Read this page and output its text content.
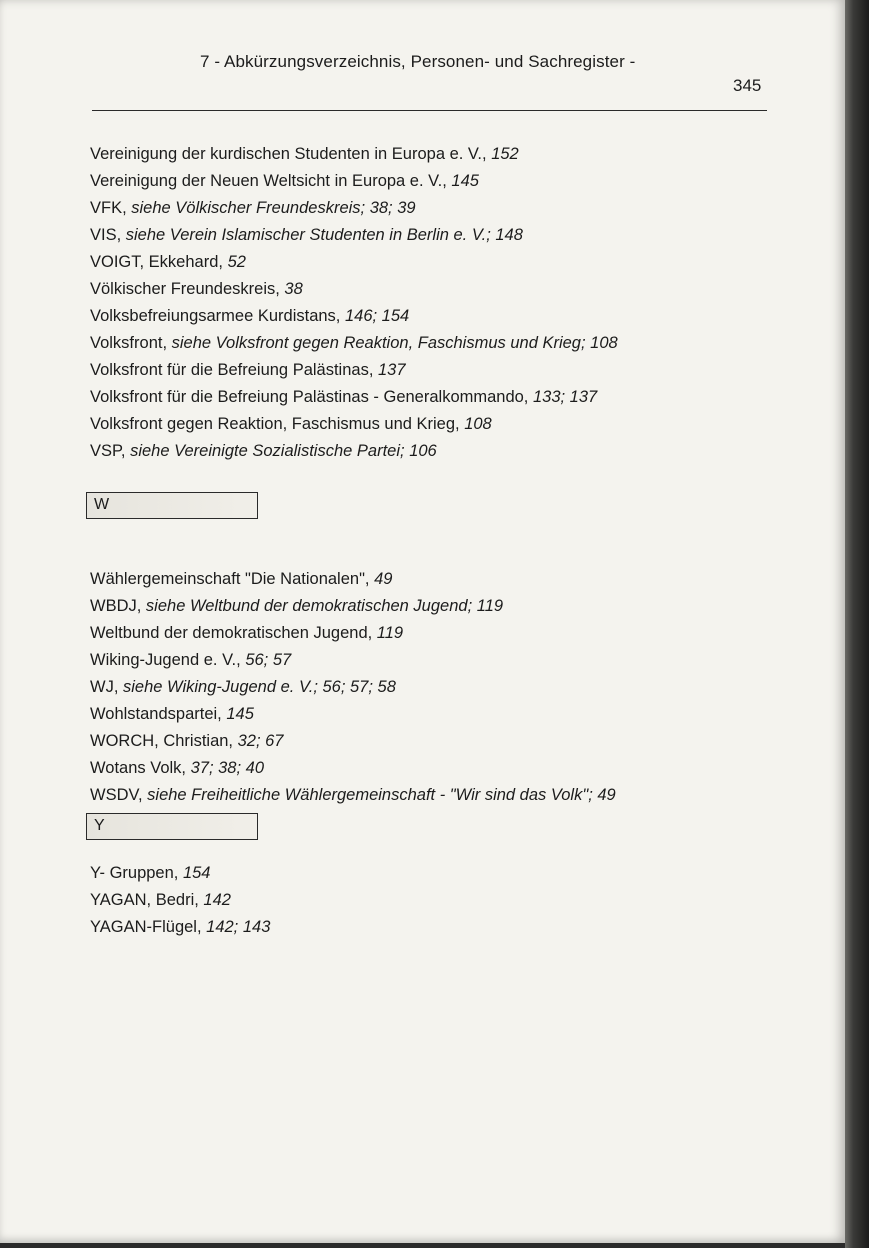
7 - Abkürzungsverzeichnis, Personen- und Sachregister -
345
Vereinigung der kurdischen Studenten in Europa e. V., 152
Vereinigung der Neuen Weltsicht in Europa e. V., 145
VFK, siehe Völkischer Freundeskreis; 38; 39
VIS, siehe Verein Islamischer Studenten in Berlin e. V.; 148
VOIGT, Ekkehard, 52
Völkischer Freundeskreis, 38
Volksbefreiungsarmee Kurdistans, 146; 154
Volksfront, siehe Volksfront gegen Reaktion, Faschismus und Krieg; 108
Volksfront für die Befreiung Palästinas, 137
Volksfront für die Befreiung Palästinas - Generalkommando, 133; 137
Volksfront gegen Reaktion, Faschismus und Krieg, 108
VSP, siehe Vereinigte Sozialistische Partei; 106
W
Wählergemeinschaft "Die Nationalen", 49
WBDJ, siehe Weltbund der demokratischen Jugend; 119
Weltbund der demokratischen Jugend, 119
Wiking-Jugend e. V., 56; 57
WJ, siehe Wiking-Jugend e. V.; 56; 57; 58
Wohlstandspartei, 145
WORCH, Christian, 32; 67
Wotans Volk, 37; 38; 40
WSDV, siehe Freiheitliche Wählergemeinschaft - "Wir sind das Volk"; 49
Y
Y- Gruppen, 154
YAGAN, Bedri, 142
YAGAN-Flügel, 142; 143
